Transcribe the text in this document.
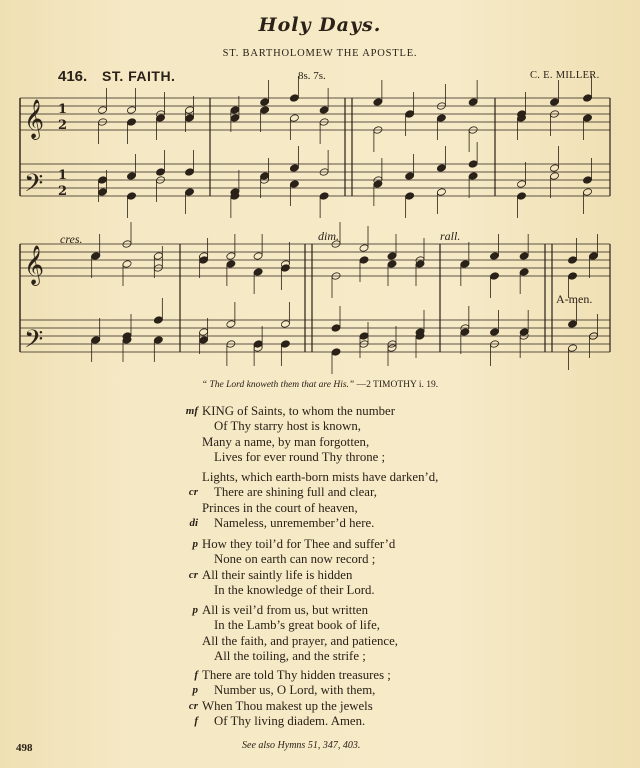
Holy Days.
ST. BARTHOLOMEW THE APOSTLE.
416. ST. FAITH.	8s. 7s.	C. E. MILLER.
𝄞
𝄢
𝄞
𝄢
1
2
1
2
cres.	dim.	rall.
A-men.
“ The Lord knoweth them that are His.” —2 TIMOTHY i. 19.
mf KING of Saints, to whom the number
Of Thy starry host is known,
Many a name, by man forgotten,
Lives for ever round Thy throne ;
Lights, which earth-born mists have darken’d,
cr There are shining full and clear,
Princes in the court of heaven,
di Nameless, unremember’d here.
p How they toil’d for Thee and suffer’d
None on earth can now record ;
cr All their saintly life is hidden
In the knowledge of their Lord.
p All is veil’d from us, but written
In the Lamb’s great book of life,
All the faith, and prayer, and patience,
All the toiling, and the strife ;
f There are told Thy hidden treasures ;
p Number us, O Lord, with them,
cr When Thou makest up the jewels
f Of Thy living diadem. Amen.
498	See also Hymns 51, 347, 403.
